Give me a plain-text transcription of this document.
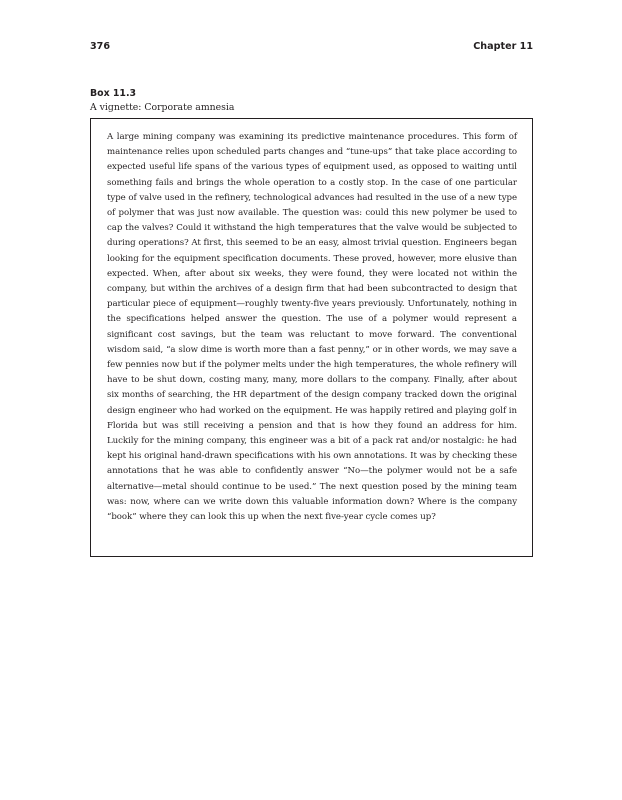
376	Chapter 11
Box 11.3
A vignette: Corporate amnesia

A large mining company was examining its predictive maintenance procedures. This form of maintenance relies upon scheduled parts changes and “tune-ups” that take place according to expected useful life spans of the various types of equipment used, as opposed to waiting until something fails and brings the whole operation to a costly stop. In the case of one particular type of valve used in the refinery, technological advances had resulted in the use of a new type of polymer that was just now available. The question was: could this new polymer be used to cap the valves? Could it withstand the high temperatures that the valve would be subjected to during operations? At first, this seemed to be an easy, almost trivial question. Engineers began looking for the equipment specification documents. These proved, however, more elusive than expected. When, after about six weeks, they were found, they were located not within the company, but within the archives of a design firm that had been subcontracted to design that particular piece of equipment—roughly twenty-five years previously. Unfortunately, nothing in the specifications helped answer the question. The use of a polymer would represent a significant cost savings, but the team was reluctant to move forward. The conventional wisdom said, “a slow dime is worth more than a fast penny,” or in other words, we may save a few pennies now but if the polymer melts under the high temperatures, the whole refinery will have to be shut down, costing many, many, more dollars to the company. Finally, after about six months of searching, the HR department of the design company tracked down the original design engineer who had worked on the equipment. He was happily retired and playing golf in Florida but was still receiving a pension and that is how they found an address for him. Luckily for the mining company, this engineer was a bit of a pack rat and/or nostalgic: he had kept his original hand-drawn specifications with his own annotations. It was by checking these annotations that he was able to confidently answer “No—the polymer would not be a safe alternative—metal should continue to be used.” The next question posed by the mining team was: now, where can we write down this valuable information down? Where is the company “book” where they can look this up when the next five-year cycle comes up?
